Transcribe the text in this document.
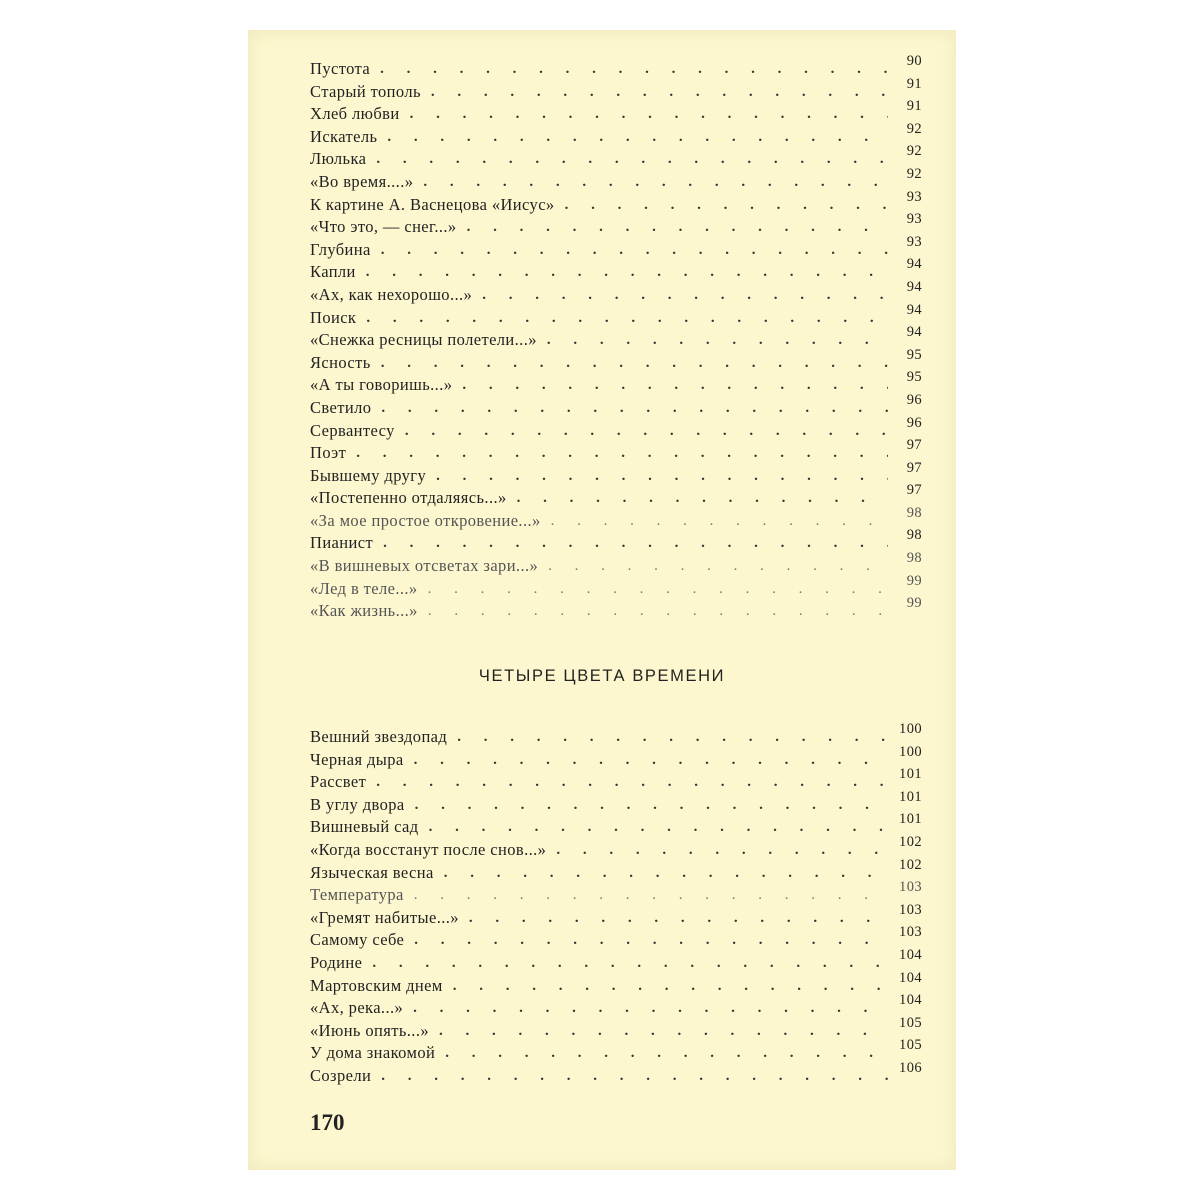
Пустота . . .	90
Старый тополь . . .	91
Хлеб любви . . .	91
Искатель . . .	92
Люлька . . .	92
«Во время....» . . .	92
К картине А. Васнецова «Иисус» . . .	93
«Что это, — снег...» . . .	93
Глубина . . .	93
Капли . . .	94
«Ах, как нехорошо...» . . .	94
Поиск . . .	94
«Снежка ресницы полетели...» . . .	94
Ясность . . .	95
«А ты говоришь...» . . .	95
Светило . . .	96
Сервантесу . . .	96
Поэт . . .	97
Бывшему другу . . .	97
«Постепенно отдаляясь...» . . .	97
«За мое простое откровение...» . . .	98
Пианист . . .	98
«В вишневых отсветах зари...» . . .	98
«Лед в теле...» . . .	99
«Как жизнь...» . . .	99
ЧЕТЫРЕ ЦВЕТА ВРЕМЕНИ
Вешний звездопад . . .	100
Черная дыра . . .	100
Рассвет . . .	101
В углу двора . . .	101
Вишневый сад . . .	101
«Когда восстанут после снов...» . . .	102
Языческая весна . . .	102
Температура . . .	103
«Гремят набитые...» . . .	103
Самому себе . . .	103
Родине . . .	104
Мартовским днем . . .	104
«Ах, река...» . . .	104
«Июнь опять...» . . .	105
У дома знакомой . . .	105
Созрели . . .	106
170
